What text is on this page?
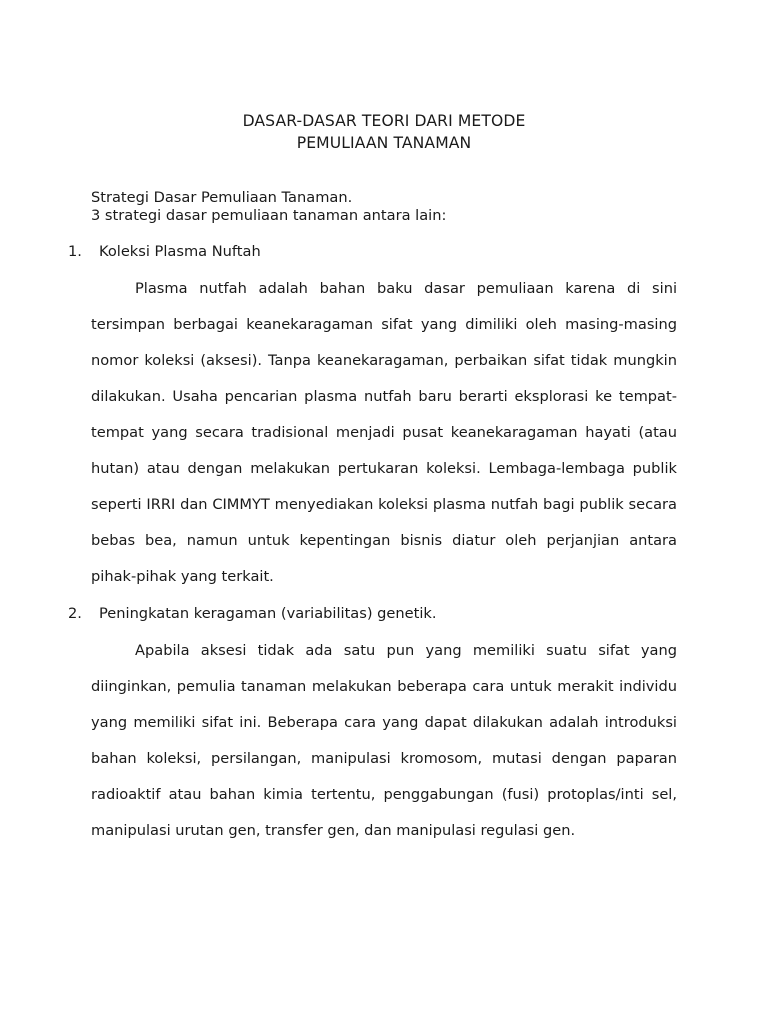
DASAR-DASAR TEORI DARI METODE
PEMULIAAN TANAMAN
Strategi Dasar Pemuliaan Tanaman.
3 strategi dasar pemuliaan tanaman antara lain:
1. Koleksi Plasma Nuftah

Plasma nutfah adalah bahan baku dasar pemuliaan karena di sini tersimpan berbagai keanekaragaman sifat yang dimiliki oleh masing-masing nomor koleksi (aksesi). Tanpa keanekaragaman, perbaikan sifat tidak mungkin dilakukan. Usaha pencarian plasma nutfah baru berarti eksplorasi ke tempat-tempat yang secara tradisional menjadi pusat keanekaragaman hayati (atau hutan) atau dengan melakukan pertukaran koleksi. Lembaga-lembaga publik seperti IRRI dan CIMMYT menyediakan koleksi plasma nutfah bagi publik secara bebas bea, namun untuk kepentingan bisnis diatur oleh perjanjian antara pihak-pihak yang terkait.

2. Peningkatan keragaman (variabilitas) genetik.

Apabila aksesi tidak ada satu pun yang memiliki suatu sifat yang diinginkan, pemulia tanaman melakukan beberapa cara untuk merakit individu yang memiliki sifat ini. Beberapa cara yang dapat dilakukan adalah introduksi bahan koleksi, persilangan, manipulasi kromosom, mutasi dengan paparan radioaktif atau bahan kimia tertentu, penggabungan (fusi) protoplas/inti sel, manipulasi urutan gen, transfer gen, dan manipulasi regulasi gen.
